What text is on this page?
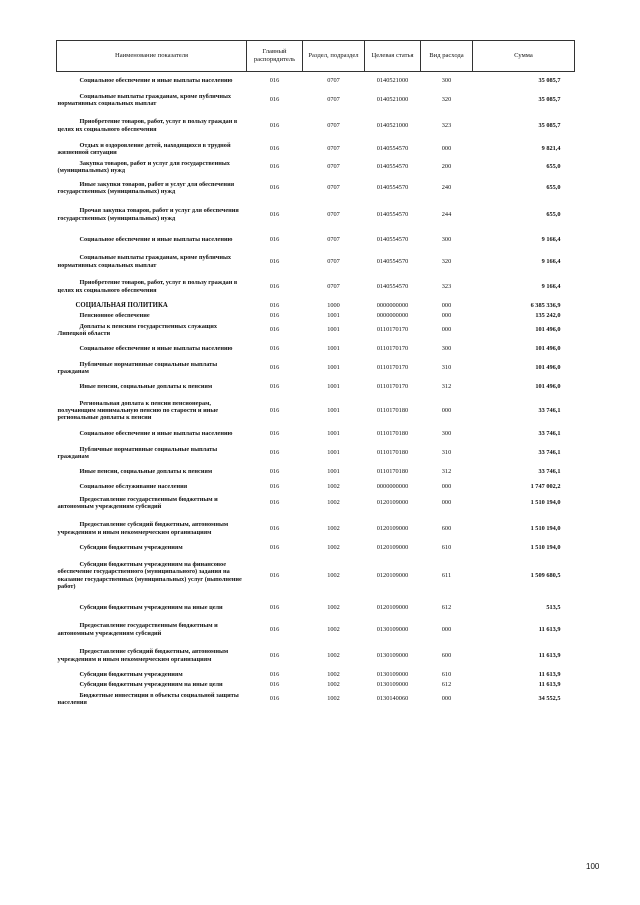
Наименование показателя	Главный распорядитель	Раздел, подраздел	Целевая статья	Вид расхода	Сумма
Социальное обеспечение и иные выплаты населению	016	0707	0140521000	300	35 085,7
Социальные выплаты гражданам, кроме публичных нормативных социальных выплат	016	0707	0140521000	320	35 085,7
Приобретение товаров, работ, услуг в пользу граждан в целях их социального обеспечения	016	0707	0140521000	323	35 085,7
Отдых и оздоровление детей, находящихся в трудной жизненной ситуации	016	0707	0140554570	000	9 821,4
Закупка товаров, работ и услуг для государственных (муниципальных) нужд	016	0707	0140554570	200	655,0
Иные закупки товаров, работ и услуг для обеспечения государственных (муниципальных) нужд	016	0707	0140554570	240	655,0
Прочая закупка товаров, работ и услуг для обеспечения государственных (муниципальных) нужд	016	0707	0140554570	244	655,0
Социальное обеспечение и иные выплаты населению	016	0707	0140554570	300	9 166,4
Социальные выплаты гражданам, кроме публичных нормативных социальных выплат	016	0707	0140554570	320	9 166,4
Приобретение товаров, работ, услуг в пользу граждан в целях их социального обеспечения	016	0707	0140554570	323	9 166,4
СОЦИАЛЬНАЯ ПОЛИТИКА	016	1000	0000000000	000	6 385 336,9
Пенсионное обеспечение	016	1001	0000000000	000	135 242,0
Доплаты к пенсиям государственных служащих Липецкой области	016	1001	0110170170	000	101 496,0
Социальное обеспечение и иные выплаты населению	016	1001	0110170170	300	101 496,0
Публичные нормативные социальные выплаты гражданам	016	1001	0110170170	310	101 496,0
Иные пенсии, социальные доплаты к пенсиям	016	1001	0110170170	312	101 496,0
Региональная доплата к пенсии пенсионерам, получающим минимальную пенсию по старости и иные региональные доплаты к пенсии	016	1001	0110170180	000	33 746,1
Социальное обеспечение и иные выплаты населению	016	1001	0110170180	300	33 746,1
Публичные нормативные социальные выплаты гражданам	016	1001	0110170180	310	33 746,1
Иные пенсии, социальные доплаты к пенсиям	016	1001	0110170180	312	33 746,1
Социальное обслуживание населения	016	1002	0000000000	000	1 747 002,2
Предоставление государственным бюджетным и автономным учреждениям субсидий	016	1002	0120109000	000	1 510 194,0
Предоставление субсидий бюджетным, автономным учреждениям и иным некоммерческим организациям	016	1002	0120109000	600	1 510 194,0
Субсидии бюджетным учреждениям	016	1002	0120109000	610	1 510 194,0
Субсидии бюджетным учреждениям на финансовое обеспечение государственного (муниципального) задания на оказание государственных (муниципальных) услуг (выполнение работ)	016	1002	0120109000	611	1 509 680,5
Субсидии бюджетным учреждениям на иные цели	016	1002	0120109000	612	513,5
Предоставление государственным бюджетным и автономным учреждениям субсидий	016	1002	0130109000	000	11 613,9
Предоставление субсидий бюджетным, автономным учреждениям и иным некоммерческим организациям	016	1002	0130109000	600	11 613,9
Субсидии бюджетным учреждениям	016	1002	0130109000	610	11 613,9
Субсидии бюджетным учреждениям на иные цели	016	1002	0130109000	612	11 613,9
Бюджетные инвестиции в объекты социальной защиты населения	016	1002	0130140060	000	34 552,5
100
